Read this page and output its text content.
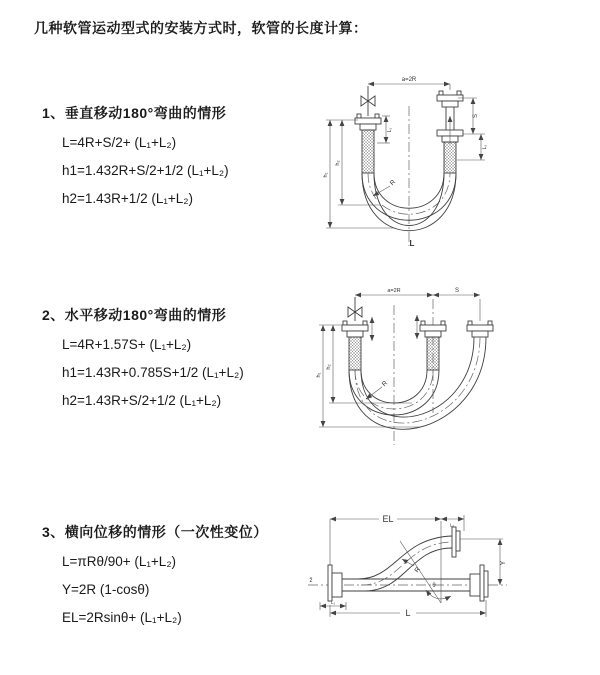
几种软管运动型式的安装方式时，软管的长度计算：
1、垂直移动180°弯曲的情形
L=4R+S/2+ (L₁+L₂)
h1=1.432R+S/2+1/2 (L₁+L₂)
h2=1.43R+1/2 (L₁+L₂)
a=2R
h₁
h₂
L₁
S
L₂
R
L
2、水平移动180°弯曲的情形
L=4R+1.57S+ (L₁+L₂)
h1=1.43R+0.785S+1/2 (L₁+L₂)
h2=1.43R+S/2+1/2 (L₁+L₂)
a=2R	S
h₁
h₂
R
3、横向位移的情形（一次性变位）
L=πRθ/90+ (L₁+L₂)
Y=2R (1-cosθ)
EL=2Rsinθ+ (L₁+L₂)
z̄
EL
L₂
θ
R
Y
L₁
L
